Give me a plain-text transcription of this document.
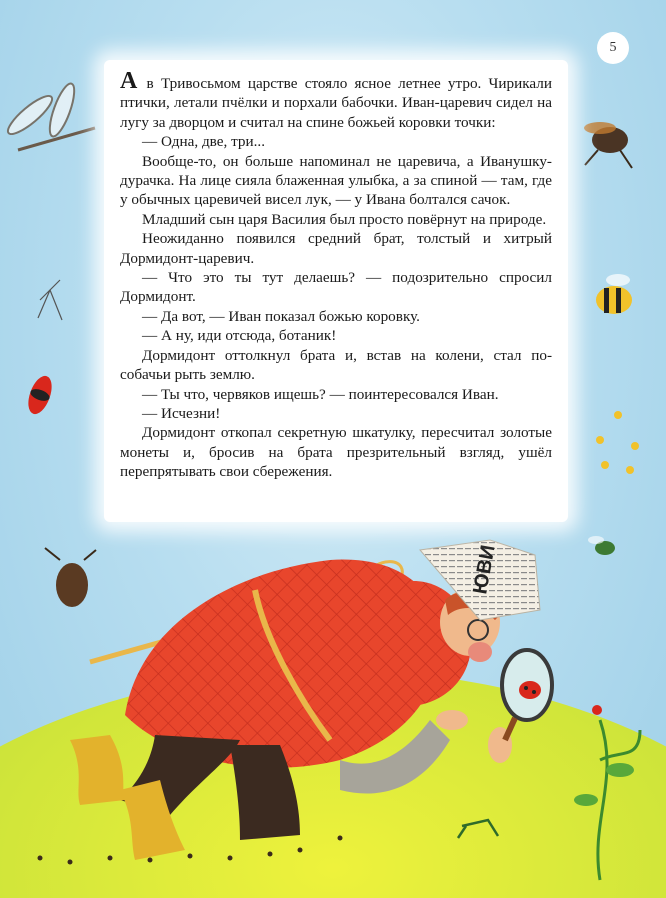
ЮВИ
5

А в Тривосьмом царстве стояло ясное летнее утро. Чирикали птички, летали пчёлки и порхали бабочки. Иван-царевич сидел на лугу за дворцом и считал на спине божьей коровки точки:

— Одна, две, три...

Вообще-то, он больше напоминал не царевича, а Иванушку-дурачка. На лице сияла блаженная улыбка, а за спиной — там, где у обычных царевичей висел лук, — у Ивана болтался сачок.

Младший сын царя Василия был просто повёрнут на природе.

Неожиданно появился средний брат, толстый и хитрый Дормидонт-царевич.

— Что это ты тут делаешь? — подозрительно спросил Дормидонт.

— Да вот, — Иван показал божью коровку.

— А ну, иди отсюда, ботаник!

Дормидонт оттолкнул брата и, встав на колени, стал по-собачьи рыть землю.

— Ты что, червяков ищешь? — поинтересовался Иван.

— Исчезни!

Дормидонт откопал секретную шкатулку, пересчитал золотые монеты и, бросив на брата презрительный взгляд, ушёл перепрятывать свои сбережения.
